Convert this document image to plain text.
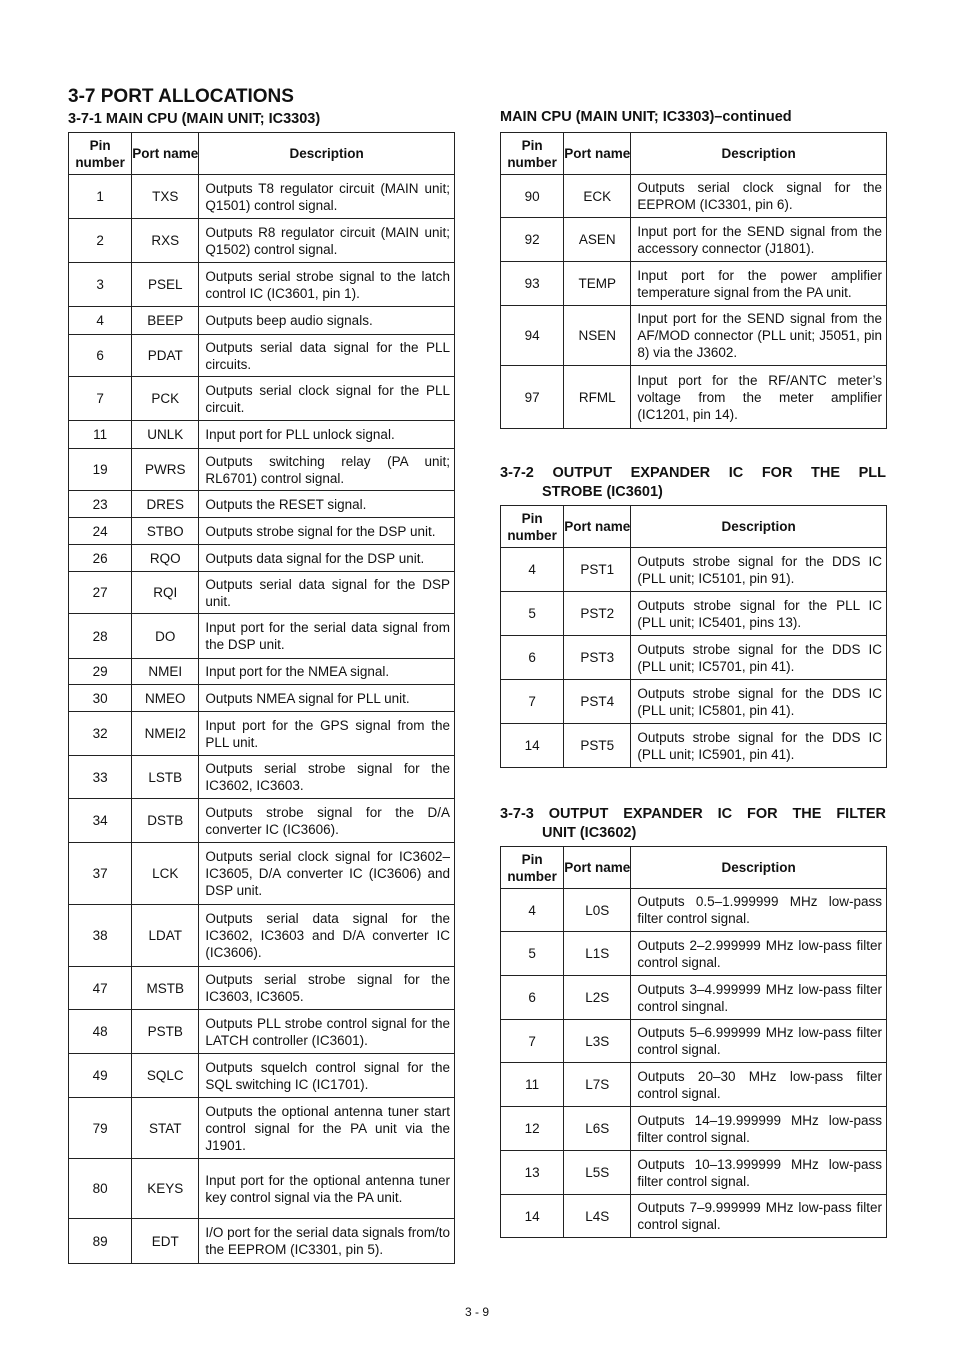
3-7 PORT ALLOCATIONS
3-7-1 MAIN CPU (MAIN UNIT; IC3303)	MAIN CPU (MAIN UNIT; IC3303)–continued
3-7-2 OUTPUT EXPANDER IC FOR THE PLL
STROBE (IC3601)
3-7-3 OUTPUT EXPANDER IC FOR THE FILTER
UNIT (IC3602)
Pin number	Port name	Description
1	TXS	Outputs T8 regulator circuit (MAIN unit; Q1501) control signal.
2	RXS	Outputs R8 regulator circuit (MAIN unit; Q1502) control signal.
3	PSEL	Outputs serial strobe signal to the latch control IC (IC3601, pin 1).
4	BEEP	Outputs beep audio signals.
6	PDAT	Outputs serial data signal for the PLL circuits.
7	PCK	Outputs serial clock signal for the PLL circuit.
11	UNLK	Input port for PLL unlock signal.
19	PWRS	Outputs switching relay (PA unit; RL6701) control signal.
23	DRES	Outputs the RESET signal.
24	STBO	Outputs strobe signal for the DSP unit.
26	RQO	Outputs data signal for the DSP unit.
27	RQI	Outputs serial data signal for the DSP unit.
28	DO	Input port for the serial data signal from the DSP unit.
29	NMEI	Input port for the NMEA signal.
30	NMEO	Outputs NMEA signal for PLL unit.
32	NMEI2	Input port for the GPS signal from the PLL unit.
33	LSTB	Outputs serial strobe signal for the IC3602, IC3603.
34	DSTB	Outputs strobe signal for the D/A converter IC (IC3606).
37	LCK	Outputs serial clock signal for IC3602–IC3605, D/A converter IC (IC3606) and DSP unit.
38	LDAT	Outputs serial data signal for the IC3602, IC3603 and D/A converter IC (IC3606).
47	MSTB	Outputs serial strobe signal for the IC3603, IC3605.
48	PSTB	Outputs PLL strobe control signal for the LATCH controller (IC3601).
49	SQLC	Outputs squelch control signal for the SQL switching IC (IC1701).
79	STAT	Outputs the optional antenna tuner start control signal for the PA unit via the J1901.
80	KEYS	Input port for the optional antenna tuner key control signal via the PA unit.
89	EDT	I/O port for the serial data signals from/to the EEPROM (IC3301, pin 5).
Pin number	Port name	Description
90	ECK	Outputs serial clock signal for the EEPROM (IC3301, pin 6).
92	ASEN	Input port for the SEND signal from the accessory connector (J1801).
93	TEMP	Input port for the power amplifier temperature signal from the PA unit.
94	NSEN	Input port for the SEND signal from the AF/MOD connector (PLL unit; J5051, pin 8) via the J3602.
97	RFML	Input port for the RF/ANTC meter’s voltage from the meter amplifier (IC1201, pin 14).
Pin number	Port name	Description
4	PST1	Outputs strobe signal for the DDS IC (PLL unit; IC5101, pin 91).
5	PST2	Outputs strobe signal for the PLL IC (PLL unit; IC5401, pins 13).
6	PST3	Outputs strobe signal for the DDS IC (PLL unit; IC5701, pin 41).
7	PST4	Outputs strobe signal for the DDS IC (PLL unit; IC5801, pin 41).
14	PST5	Outputs strobe signal for the DDS IC (PLL unit; IC5901, pin 41).
Pin number	Port name	Description
4	L0S	Outputs 0.5–1.999999 MHz low-pass filter control signal.
5	L1S	Outputs 2–2.999999 MHz low-pass filter control signal.
6	L2S	Outputs 3–4.999999 MHz low-pass filter control singnal.
7	L3S	Outputs 5–6.999999 MHz low-pass filter control signal.
11	L7S	Outputs 20–30 MHz low-pass filter control signal.
12	L6S	Outputs 14–19.999999 MHz low-pass filter control signal.
13	L5S	Outputs 10–13.999999 MHz low-pass filter control signal.
14	L4S	Outputs 7–9.999999 MHz low-pass filter control signal.
3 - 9
